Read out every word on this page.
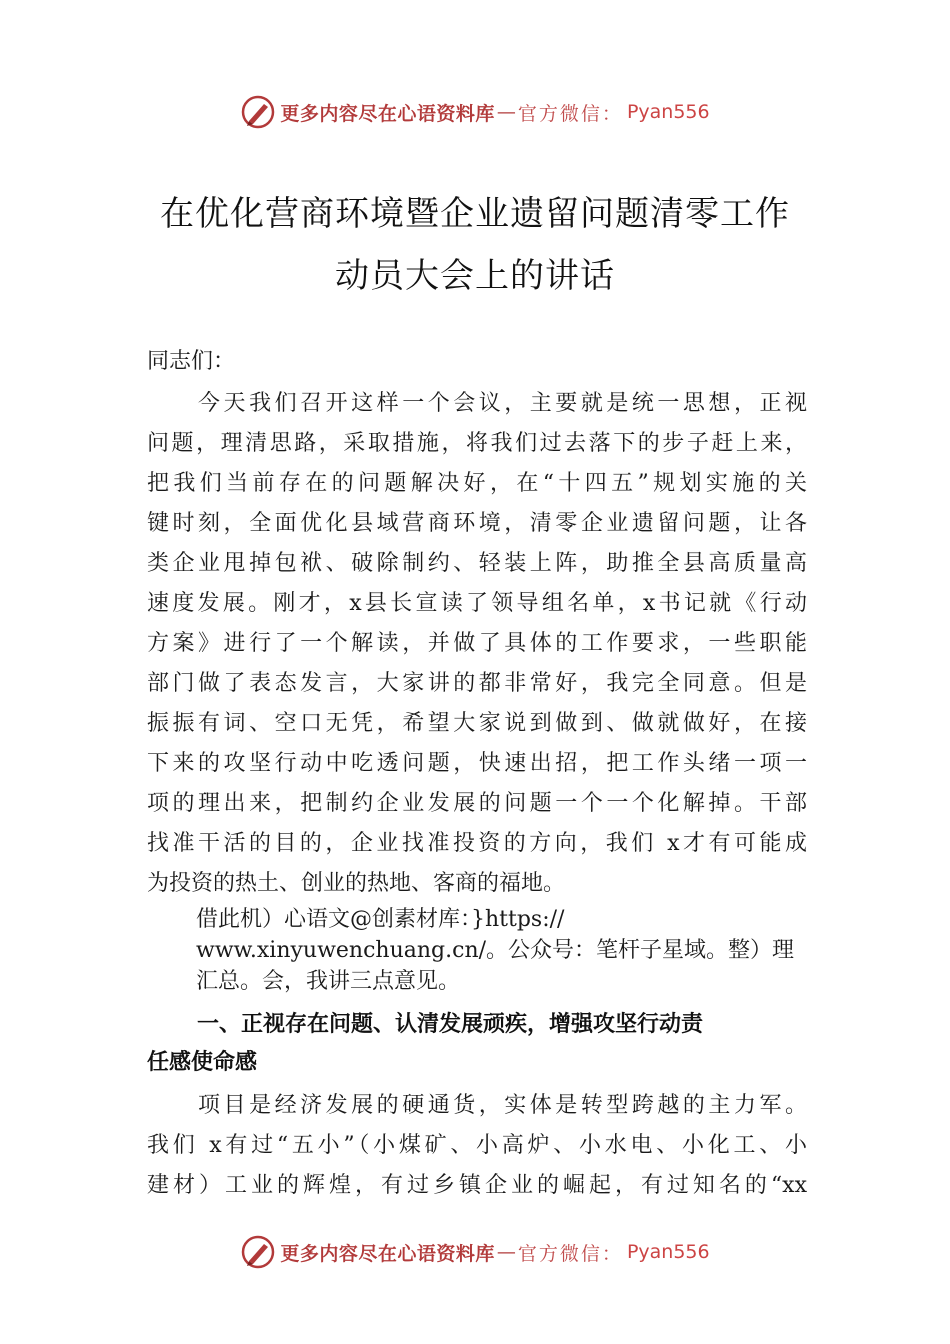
更多内容尽在心语资料库 — 官方微信： Pyan556
在优化营商环境暨企业遗留问题清零工作
动员大会上的讲话
同志们：
　　今天我们召开这样一个会议，主要就是统一思想，正视
问题，理清思路，采取措施，将我们过去落下的步子赶上来，
把我们当前存在的问题解决好，在“十四五”规划实施的关
键时刻，全面优化县域营商环境，清零企业遗留问题，让各
类企业甩掉包袱、破除制约、轻装上阵，助推全县高质量高
速度发展。刚才，x县长宣读了领导组名单，x书记就《行动
方案》进行了一个解读，并做了具体的工作要求，一些职能
部门做了表态发言，大家讲的都非常好，我完全同意。但是
振振有词、空口无凭，希望大家说到做到、做就做好，在接
下来的攻坚行动中吃透问题，快速出招，把工作头绪一项一
项的理出来，把制约企业发展的问题一个一个化解掉。干部
找准干活的目的，企业找准投资的方向，我们 x才有可能成
为投资的热土、创业的热地、客商的福地。
借此机）心语文@创素材库：}https://
www.xinyuwenchuang.cn/。公众号：笔杆子星域。整）理
汇总。会，我讲三点意见。
一、正视存在问题、认清发展顽疾，增强攻坚行动责
任感使命感
　　项目是经济发展的硬通货，实体是转型跨越的主力军。
我们 x有过“五小”（小煤矿、小高炉、小水电、小化工、小
建材）工业的辉煌，有过乡镇企业的崛起，有过知名的“xx
更多内容尽在心语资料库 — 官方微信： Pyan556
